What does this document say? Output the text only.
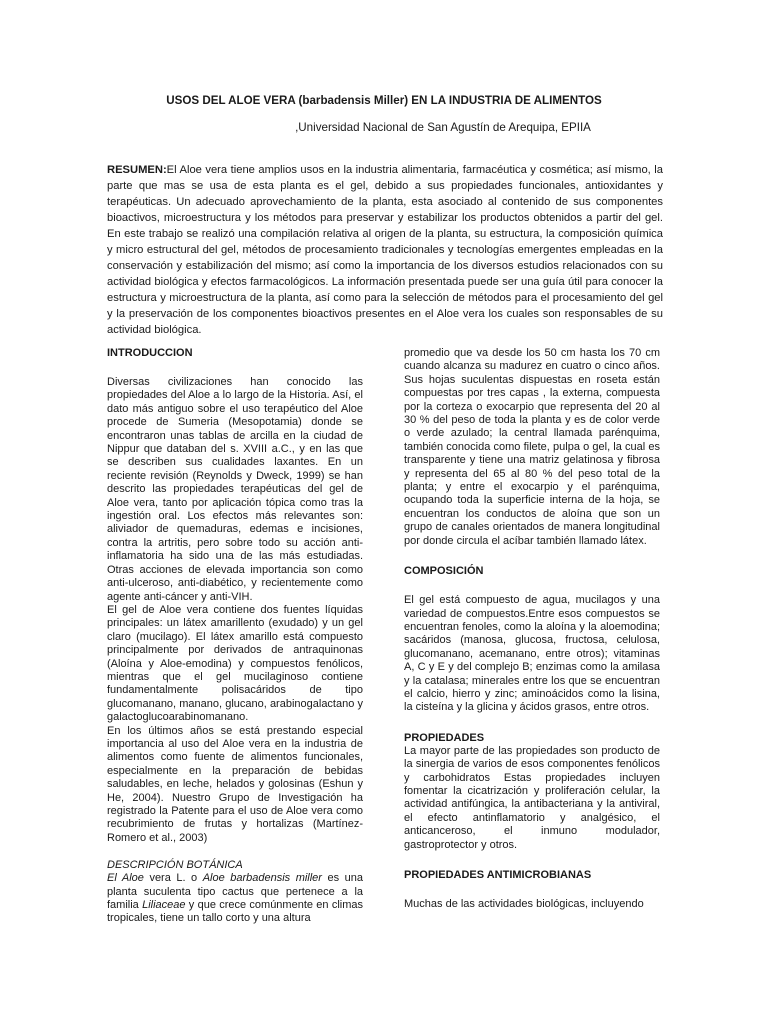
USOS DEL ALOE VERA (barbadensis Miller) EN LA INDUSTRIA DE ALIMENTOS
,Universidad Nacional de San Agustín de Arequipa, EPIIA
RESUMEN:El Aloe vera tiene amplios usos en la industria alimentaria, farmacéutica y cosmética; así mismo, la parte que mas se usa de esta planta es el gel, debido a sus propiedades funcionales, antioxidantes y terapéuticas. Un adecuado aprovechamiento de la planta, esta asociado al contenido de sus componentes bioactivos, microestructura y los métodos para preservar y estabilizar los productos obtenidos a partir del gel. En este trabajo se realizó una compilación relativa al origen de la planta, su estructura, la composición química y micro estructural del gel, métodos de procesamiento tradicionales y tecnologías emergentes empleadas en la conservación y estabilización del mismo; así como la importancia de los diversos estudios relacionados con su actividad biológica y efectos farmacológicos. La información presentada puede ser una guía útil para conocer la estructura y microestructura de la planta, así como para la selección de métodos para el procesamiento del gel y la preservación de los componentes bioactivos presentes en el Aloe vera los cuales son responsables de su actividad biológica.
INTRODUCCION

Diversas civilizaciones han conocido las propiedades del Aloe a lo largo de la Historia. Así, el dato más antiguo sobre el uso terapéutico del Aloe procede de Sumeria (Mesopotamia) donde se encontraron unas tablas de arcilla en la ciudad de Nippur que databan del s. XVIII a.C., y en las que se describen sus cualidades laxantes. En un reciente revisión (Reynolds y Dweck, 1999) se han descrito las propiedades terapéuticas del gel de Aloe vera, tanto por aplicación tópica como tras la ingestión oral. Los efectos más relevantes son: aliviador de quemaduras, edemas e incisiones, contra la artritis, pero sobre todo su acción anti-inflamatoria ha sido una de las más estudiadas. Otras acciones de elevada importancia son como anti-ulceroso, anti-diabético, y recientemente como agente anti-cáncer y anti-VIH.

El gel de Aloe vera contiene dos fuentes líquidas principales: un látex amarillento (exudado) y un gel claro (mucilago). El látex amarillo está compuesto principalmente por derivados de antraquinonas (Aloína y Aloe-emodina) y compuestos fenólicos, mientras que el gel mucilaginoso contiene fundamentalmente polisacáridos de tipo glucomanano, manano, glucano, arabinogalactano y galactoglucoarabinomanano.

En los últimos años se está prestando especial importancia al uso del Aloe vera en la industria de alimentos como fuente de alimentos funcionales, especialmente en la preparación de bebidas saludables, en leche, helados y golosinas (Eshun y He, 2004). Nuestro Grupo de Investigación ha registrado la Patente para el uso de Aloe vera como recubrimiento de frutas y hortalizas (Martínez-Romero et al., 2003)

DESCRIPCIÓN BOTÁNICA

El Aloe vera L. o Aloe barbadensis miller es una planta suculenta tipo cactus que pertenece a la familia Liliaceae y que crece comúnmente en climas tropicales, tiene un tallo corto y una altura

promedio que va desde los 50 cm hasta los 70 cm cuando alcanza su madurez en cuatro o cinco años. Sus hojas suculentas dispuestas en roseta están compuestas por tres capas , la externa, compuesta por la corteza o exocarpio que representa del 20 al 30 % del peso de toda la planta y es de color verde o verde azulado; la central llamada parénquima, también conocida como filete, pulpa o gel, la cual es transparente y tiene una matriz gelatinosa y fibrosa y representa del 65 al 80 % del peso total de la planta; y entre el exocarpio y el parénquima, ocupando toda la superficie interna de la hoja, se encuentran los conductos de aloína que son un grupo de canales orientados de manera longitudinal por donde circula el acíbar también llamado látex.

COMPOSICIÓN

El gel está compuesto de agua, mucilagos y una variedad de compuestos.Entre esos compuestos se encuentran fenoles, como la aloína y la aloemodina; sacáridos (manosa, glucosa, fructosa, celulosa, glucomanano, acemanano, entre otros); vitaminas A, C y E y del complejo B; enzimas como la amilasa y la catalasa; minerales entre los que se encuentran el calcio, hierro y zinc; aminoácidos como la lisina, la cisteína y la glicina y ácidos grasos, entre otros.

PROPIEDADES

La mayor parte de las propiedades son producto de la sinergia de varios de esos componentes fenólicos y carbohidratos Estas propiedades incluyen fomentar la cicatrización y proliferación celular, la actividad antifúngica, la antibacteriana y la antiviral, el efecto antinflamatorio y analgésico, el anticanceroso, el inmuno modulador, gastroprotector y otros.

PROPIEDADES ANTIMICROBIANAS

Muchas de las actividades biológicas, incluyendo
